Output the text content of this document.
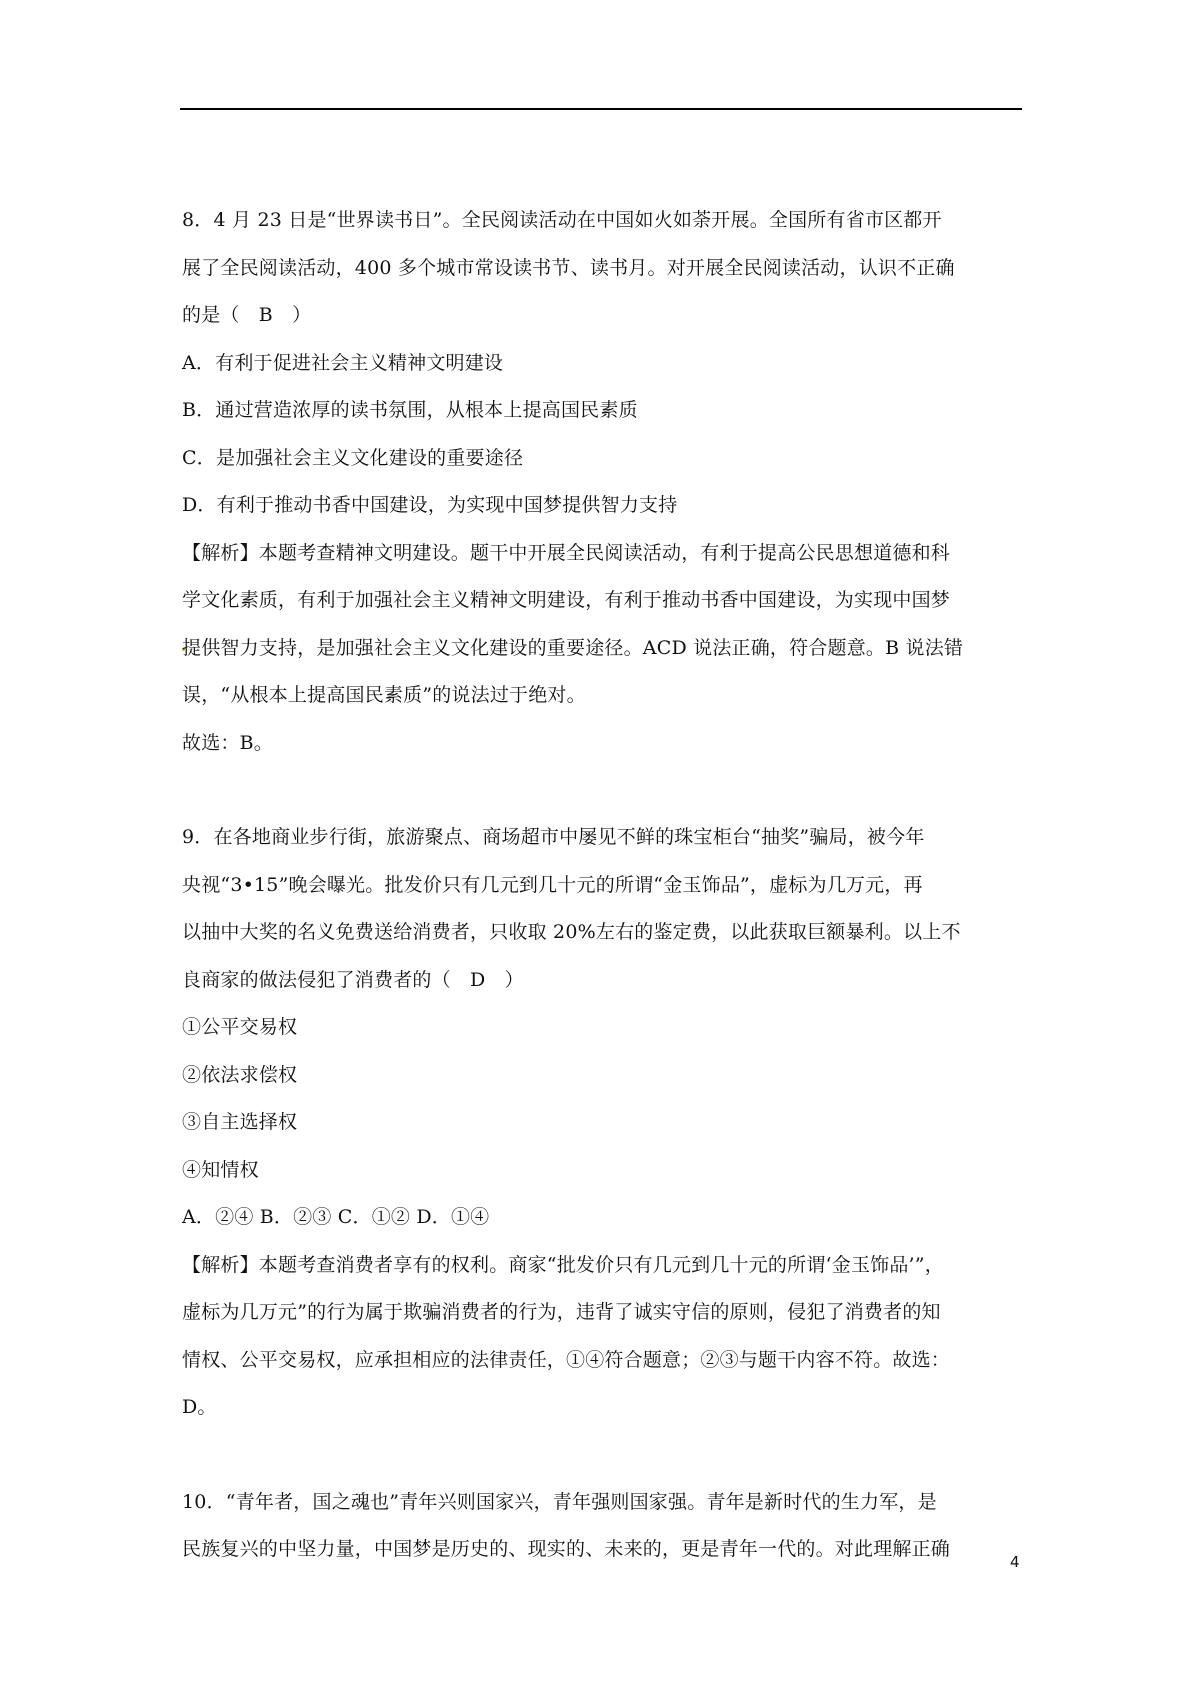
8．4 月 23 日是“世界读书日”。全民阅读活动在中国如火如荼开展。全国所有省市区都开
展了全民阅读活动，400 多个城市常设读书节、读书月。对开展全民阅读活动，认识不正确
的是（　B　）
A．有利于促进社会主义精神文明建设
B．通过营造浓厚的读书氛围，从根本上提高国民素质
C．是加强社会主义文化建设的重要途径
D．有利于推动书香中国建设，为实现中国梦提供智力支持
【解析】本题考查精神文明建设。题干中开展全民阅读活动，有利于提高公民思想道德和科
学文化素质，有利于加强社会主义精神文明建设，有利于推动书香中国建设，为实现中国梦
提供智力支持，是加强社会主义文化建设的重要途径。ACD 说法正确，符合题意。B 说法错
误，“从根本上提高国民素质”的说法过于绝对。
故选：B。
9．在各地商业步行街，旅游聚点、商场超市中屡见不鲜的珠宝柜台“抽奖”骗局，被今年
央视“3•15”晚会曝光。批发价只有几元到几十元的所谓“金玉饰品”，虚标为几万元，再
以抽中大奖的名义免费送给消费者，只收取 20%左右的鉴定费，以此获取巨额暴利。以上不
良商家的做法侵犯了消费者的（　D　）
①公平交易权
②依法求偿权
③自主选择权
④知情权
A．②④ B．②③ C．①② D．①④
【解析】本题考查消费者享有的权利。商家“批发价只有几元到几十元的所谓‘金玉饰品’”，
虚标为几万元”的行为属于欺骗消费者的行为，违背了诚实守信的原则，侵犯了消费者的知
情权、公平交易权，应承担相应的法律责任，①④符合题意；②③与题干内容不符。故选：
D。
10．“青年者，国之魂也”青年兴则国家兴，青年强则国家强。青年是新时代的生力军，是
民族复兴的中坚力量，中国梦是历史的、现实的、未来的，更是青年一代的。对此理解正确
4
